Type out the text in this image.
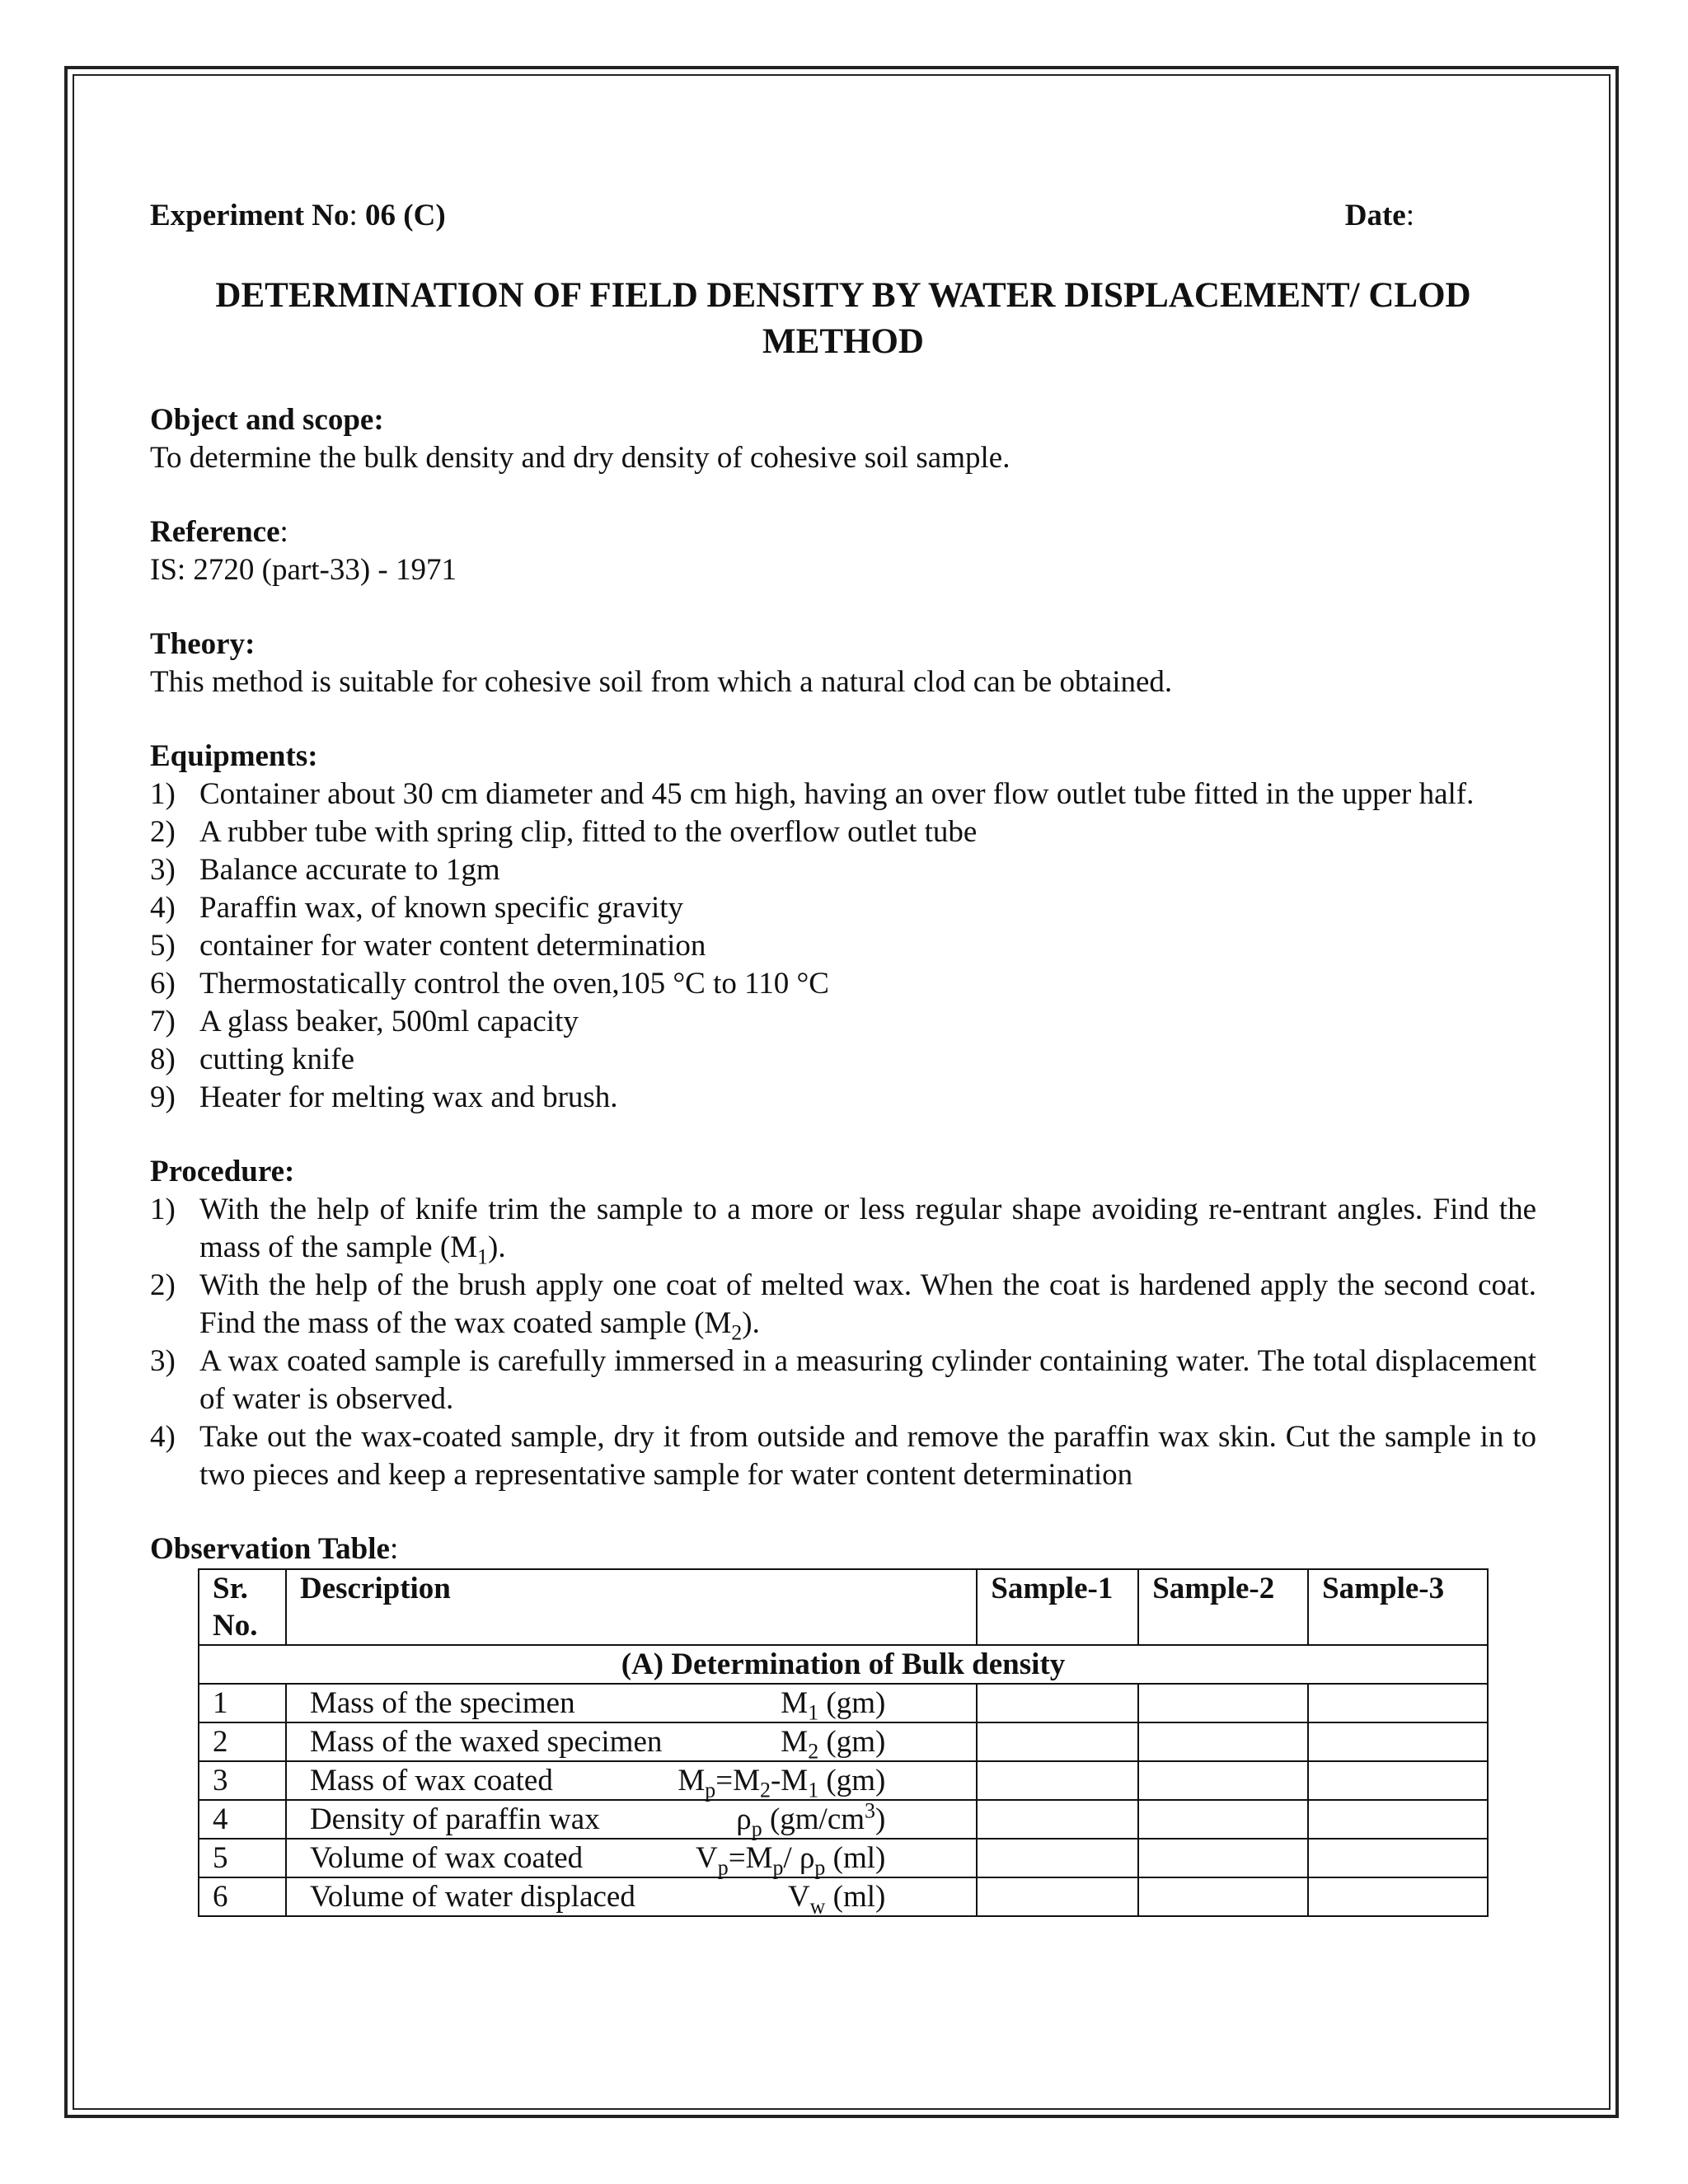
Experiment No: 06 (C)	Date:
DETERMINATION OF FIELD DENSITY BY WATER DISPLACEMENT/ CLOD
METHOD
Object and scope:
To determine the bulk density and dry density of cohesive soil sample.
Reference:
IS: 2720 (part-33) - 1971
Theory:
This method is suitable for cohesive soil from which a natural clod can be obtained.
Equipments:
1) Container about 30 cm diameter and 45 cm high, having an over flow outlet tube fitted in the upper half.
2) A rubber tube with spring clip, fitted to the overflow outlet tube
3) Balance accurate to 1gm
4) Paraffin wax, of known specific gravity
5) container for water content determination
6) Thermostatically control the oven,105 °C to 110 °C
7) A glass beaker, 500ml capacity
8) cutting knife
9) Heater for melting wax and brush.
Procedure:
1) With the help of knife trim the sample to a more or less regular shape avoiding re-entrant angles. Find the mass of the sample $(M_1)$.
2) With the help of the brush apply one coat of melted wax. When the coat is hardened apply the second coat. Find the mass of the wax coated sample $(M_2)$.
3) A wax coated sample is carefully immersed in a measuring cylinder containing water. The total displacement of water is observed.
4) Take out the wax-coated sample, dry it from outside and remove the paraffin wax skin. Cut the sample in to two pieces and keep a representative sample for water content determination
Observation Table:
Sr.
No.	Description	Sample-1	Sample-2	Sample-3
(A) Determination of Bulk density				
1	Mass of the specimen $M_1$ (gm)			

2	Mass of the waxed specimen $M_2$ (gm)			

3	Mass of wax coated $M_p=M_2-M_1$ (gm)			

4	Density of paraffin wax $\rho_p$ $(gm/cm^3)$			

5	Volume of wax coated $V_p=M_p/$ $\rho_p$ (ml)			

6	Volume of water displaced $V_w$ (ml)			
